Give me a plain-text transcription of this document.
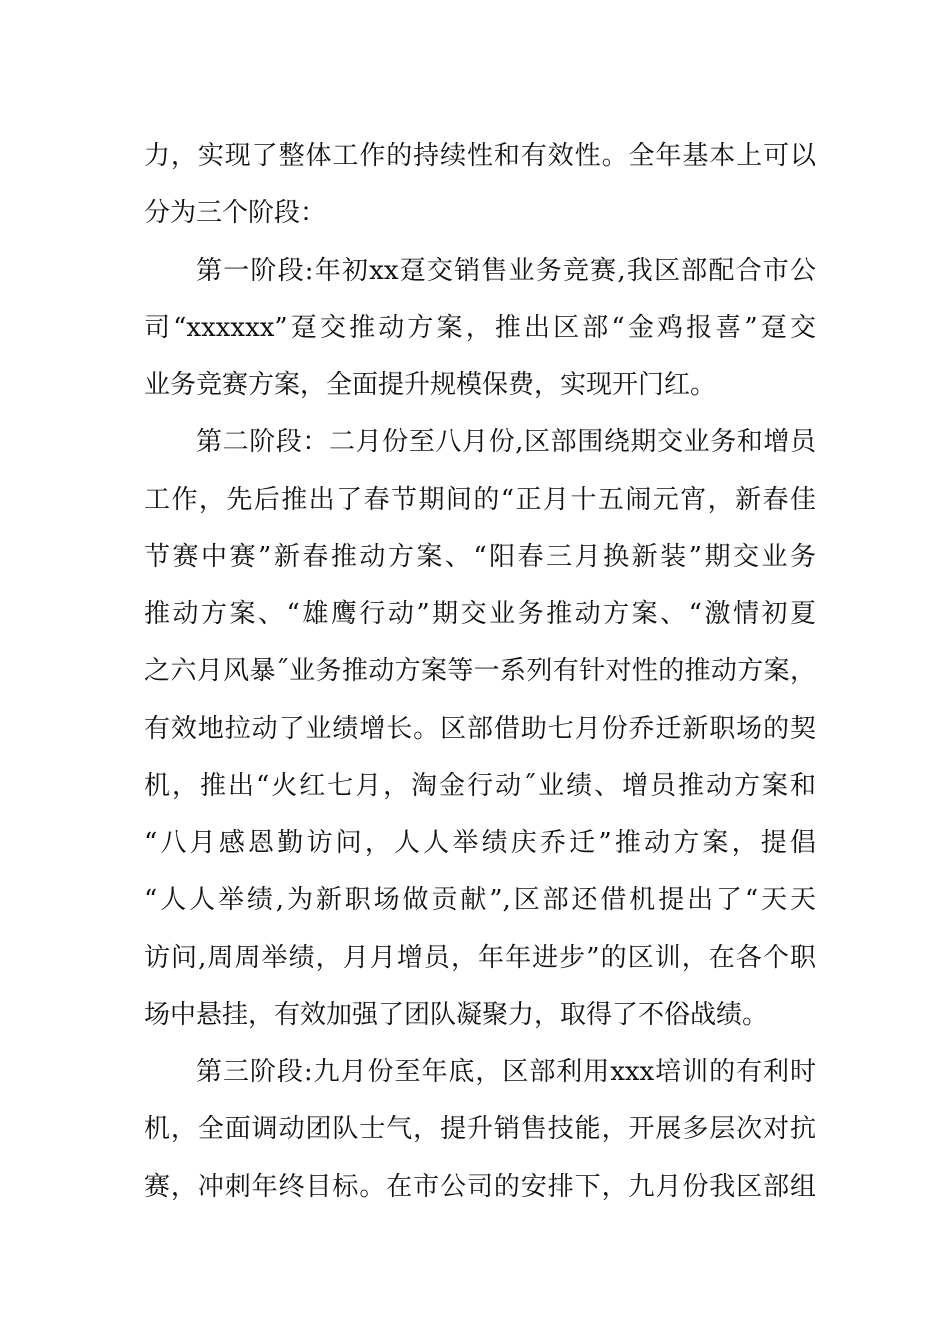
力，实现了整体工作的持续性和有效性。全年基本上可以
分为三个阶段：
第一阶段:年初xx趸交销售业务竞赛,我区部配合市公
司“xxxxxx”趸交推动方案，推出区部“金鸡报喜”趸交
业务竞赛方案，全面提升规模保费，实现开门红。
第二阶段：二月份至八月份,区部围绕期交业务和增员
工作，先后推出了春节期间的“正月十五闹元宵，新春佳
节赛中赛”新春推动方案、“阳春三月换新装”期交业务
推动方案、“雄鹰行动”期交业务推动方案、“激情初夏
之六月风暴˝业务推动方案等一系列有针对性的推动方案，
有效地拉动了业绩增长。区部借助七月份乔迁新职场的契
机，推出“火红七月，淘金行动˝业绩、增员推动方案和
“八月感恩勤访问，人人举绩庆乔迁”推动方案，提倡
“人人举绩,为新职场做贡献”,区部还借机提出了“天天
访问,周周举绩，月月增员，年年进步”的区训，在各个职
场中悬挂，有效加强了团队凝聚力，取得了不俗战绩。
第三阶段:九月份至年底，区部利用xxx培训的有利时
机，全面调动团队士气，提升销售技能，开展多层次对抗
赛，冲刺年终目标。在市公司的安排下，九月份我区部组
